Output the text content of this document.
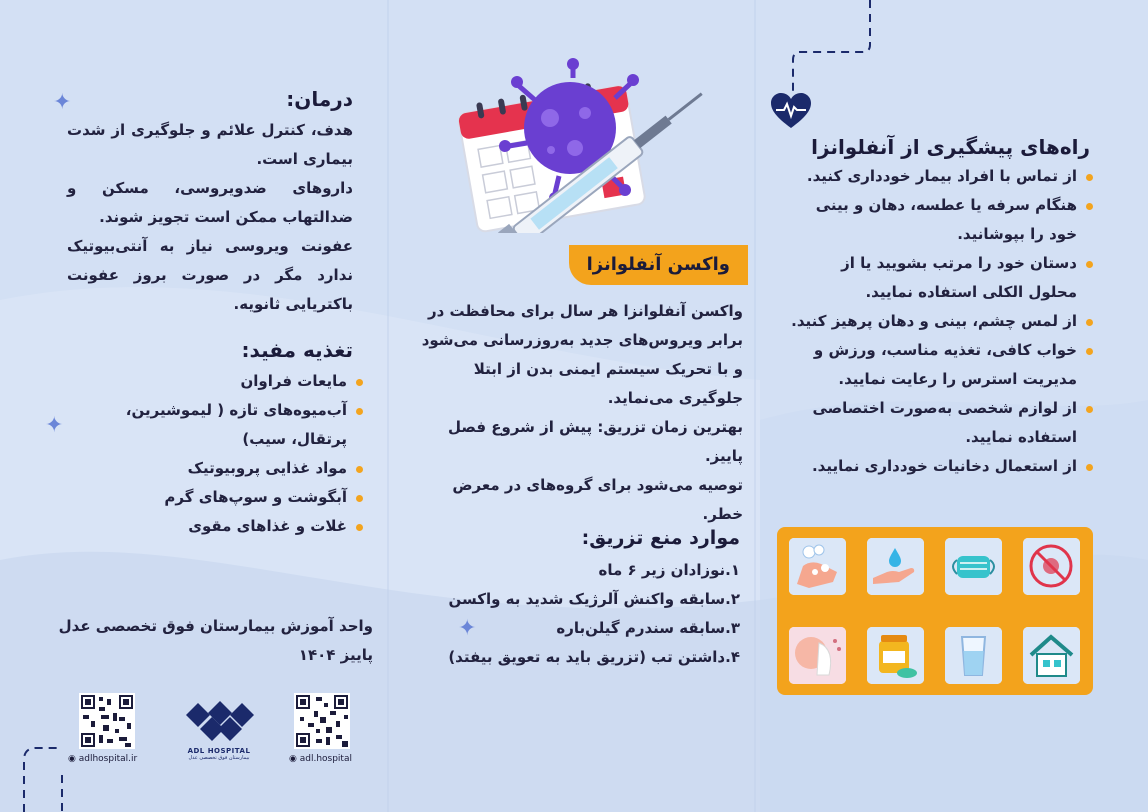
راه‌های پیشگیری از آنفلوانزا
از تماس با افراد بیمار خودداری کنید.
هنگام سرفه یا عطسه، دهان و بینی خود را بپوشانید.
دستان خود را مرتب بشویید یا از محلول الکلی استفاده نمایید.
از لمس چشم، بینی و دهان پرهیز کنید.
خواب کافی، تغذیه مناسب، ورزش و مدیریت استرس را رعایت نمایید.
از لوازم شخصی به‌صورت اختصاصی استفاده نمایید.
از استعمال دخانیات خودداری نمایید.
واکسن آنفلوانزا
واکسن آنفلوانزا هر سال برای محافظت در برابر ویروس‌های جدید به‌روزرسانی می‌شود و با تحریک سیستم ایمنی بدن از ابتلا جلوگیری می‌نماید.
بهترین زمان تزریق: پیش از شروع فصل پاییز.
توصیه می‌شود برای گروه‌های در معرض خطر.
موارد منع تزریق:
۱.نوزادان زیر ۶ ماه
۲.سابقه واکنش آلرژیک شدید به واکسن
۳.سابقه سندرم گیلن‌باره
۴.داشتن تب (تزریق باید به تعویق بیفتد)
✦
✦
✦
درمان:
هدف، کنترل علائم و جلوگیری از شدت بیماری است.
داروهای ضدویروسی، مسکن و ضدالتهاب ممکن است تجویز شوند.
عفونت ویروسی نیاز به آنتی‌بیوتیک ندارد مگر در صورت بروز عفونت باکتریایی ثانویه.
تغذیه مفید:
مایعات فراوان
آب‌میوه‌های تازه ( لیموشیرین، پرتقال، سیب)
مواد غذایی پروبیوتیک
آبگوشت و سوپ‌های گرم
غلات و غذاهای مقوی
واحد آموزش بیمارستان فوق تخصصی عدل
پاییز ۱۴۰۴
◉ adlhospital.ir	◉ adl.hospital
ADL HOSPITAL
بیمارستان فوق تخصصی عدل
